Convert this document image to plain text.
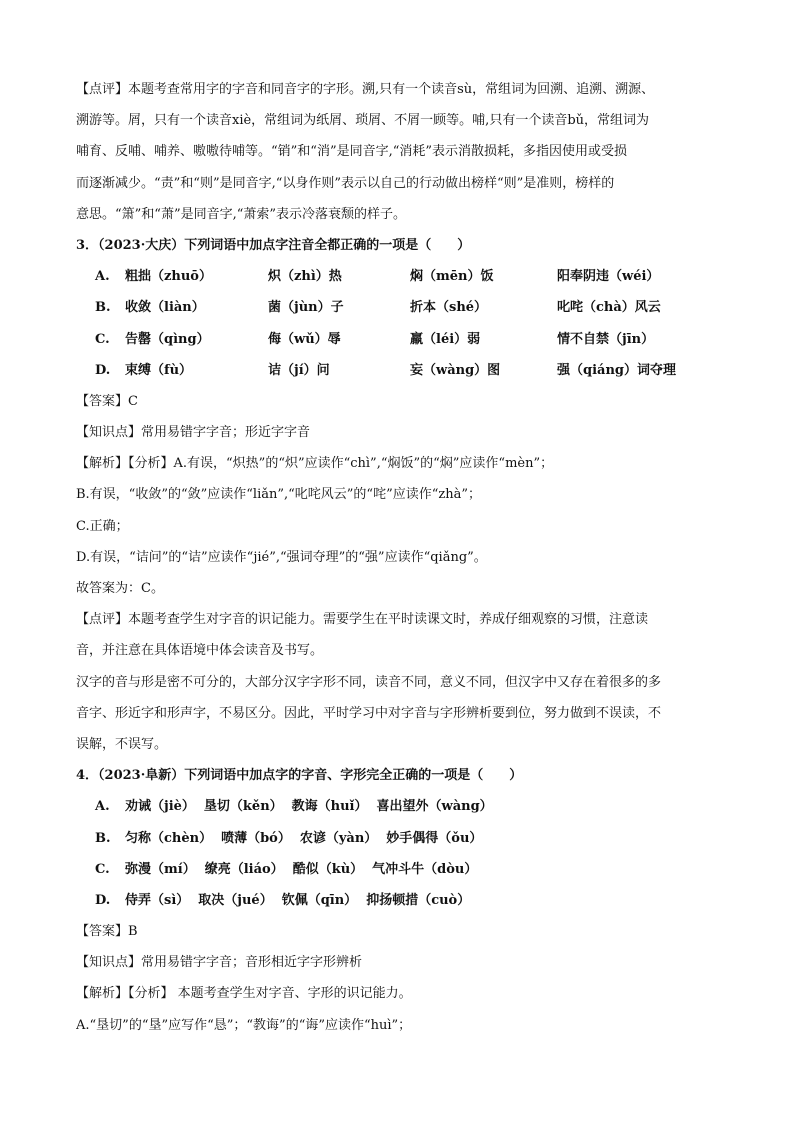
【点评】本题考查常用字的字音和同音字的字形。溯,只有一个读音sù，常组词为回溯、追溯、溯源、
溯游等。屑，只有一个读音xiè，常组词为纸屑、琐屑、不屑一顾等。哺,只有一个读音bǔ，常组词为
哺育、反哺、哺养、嗷嗷待哺等。“销”和“消”是同音字,“消耗”表示消散损耗，多指因使用或受损
而逐渐减少。“责”和“则”是同音字,“以身作则”表示以自己的行动做出榜样“则”是准则，榜样的
意思。“箫”和“萧”是同音字,“萧索”表示冷落衰颓的样子。
3．（2023·大庆）下列词语中加点字注音全都正确的一项是（　　）
A.	粗拙（zhuō）	炽（zhì）热	焖（mēn）饭	阳奉阴违（wéi）
B.	收敛（liàn）	菌（jùn）子	折本（shé）	叱咤（chà）风云
C.	告罄（qìng）	侮（wǔ）辱	羸（léi）弱	情不自禁（jīn）
D.	束缚（fù）	诘（jí）问	妄（wàng）图	强（qiáng）词夺理
【答案】C
【知识点】常用易错字字音；形近字字音
【解析】【分析】A.有误，“炽热”的“炽”应读作“chì”,“焖饭”的“焖”应读作“mèn”；
B.有误，“收敛”的“敛”应读作“liǎn”,“叱咤风云”的“咤”应读作“zhà”；
C.正确；
D.有误，“诘问”的“诘”应读作“jié”,“强词夺理”的“强”应读作“qiǎng”。
故答案为：C。
【点评】本题考查学生对字音的识记能力。需要学生在平时读课文时，养成仔细观察的习惯，注意读
音，并注意在具体语境中体会读音及书写。
汉字的音与形是密不可分的，大部分汉字字形不同，读音不同，意义不同，但汉字中又存在着很多的多
音字、形近字和形声字，不易区分。因此，平时学习中对字音与字形辨析要到位，努力做到不误读，不
误解，不误写。
4．（2023·阜新）下列词语中加点字的字音、字形完全正确的一项是（　　）
A.	劝诫（jiè） 垦切（kěn） 教诲（huǐ） 喜出望外（wàng）
B.	匀称（chèn） 喷薄（bó） 农谚（yàn） 妙手偶得（ǒu）
C.	弥漫（mí） 缭亮（liáo） 酷似（kù） 气冲斗牛（dòu）
D.	侍弄（sì） 取决（jué） 钦佩（qīn） 抑扬顿措（cuò）
【答案】B
【知识点】常用易错字字音；音形相近字字形辨析
【解析】【分析】 本题考查学生对字音、字形的识记能力。
A.“垦切”的“垦”应写作“恳”；“教诲”的“诲”应读作“huì”；
